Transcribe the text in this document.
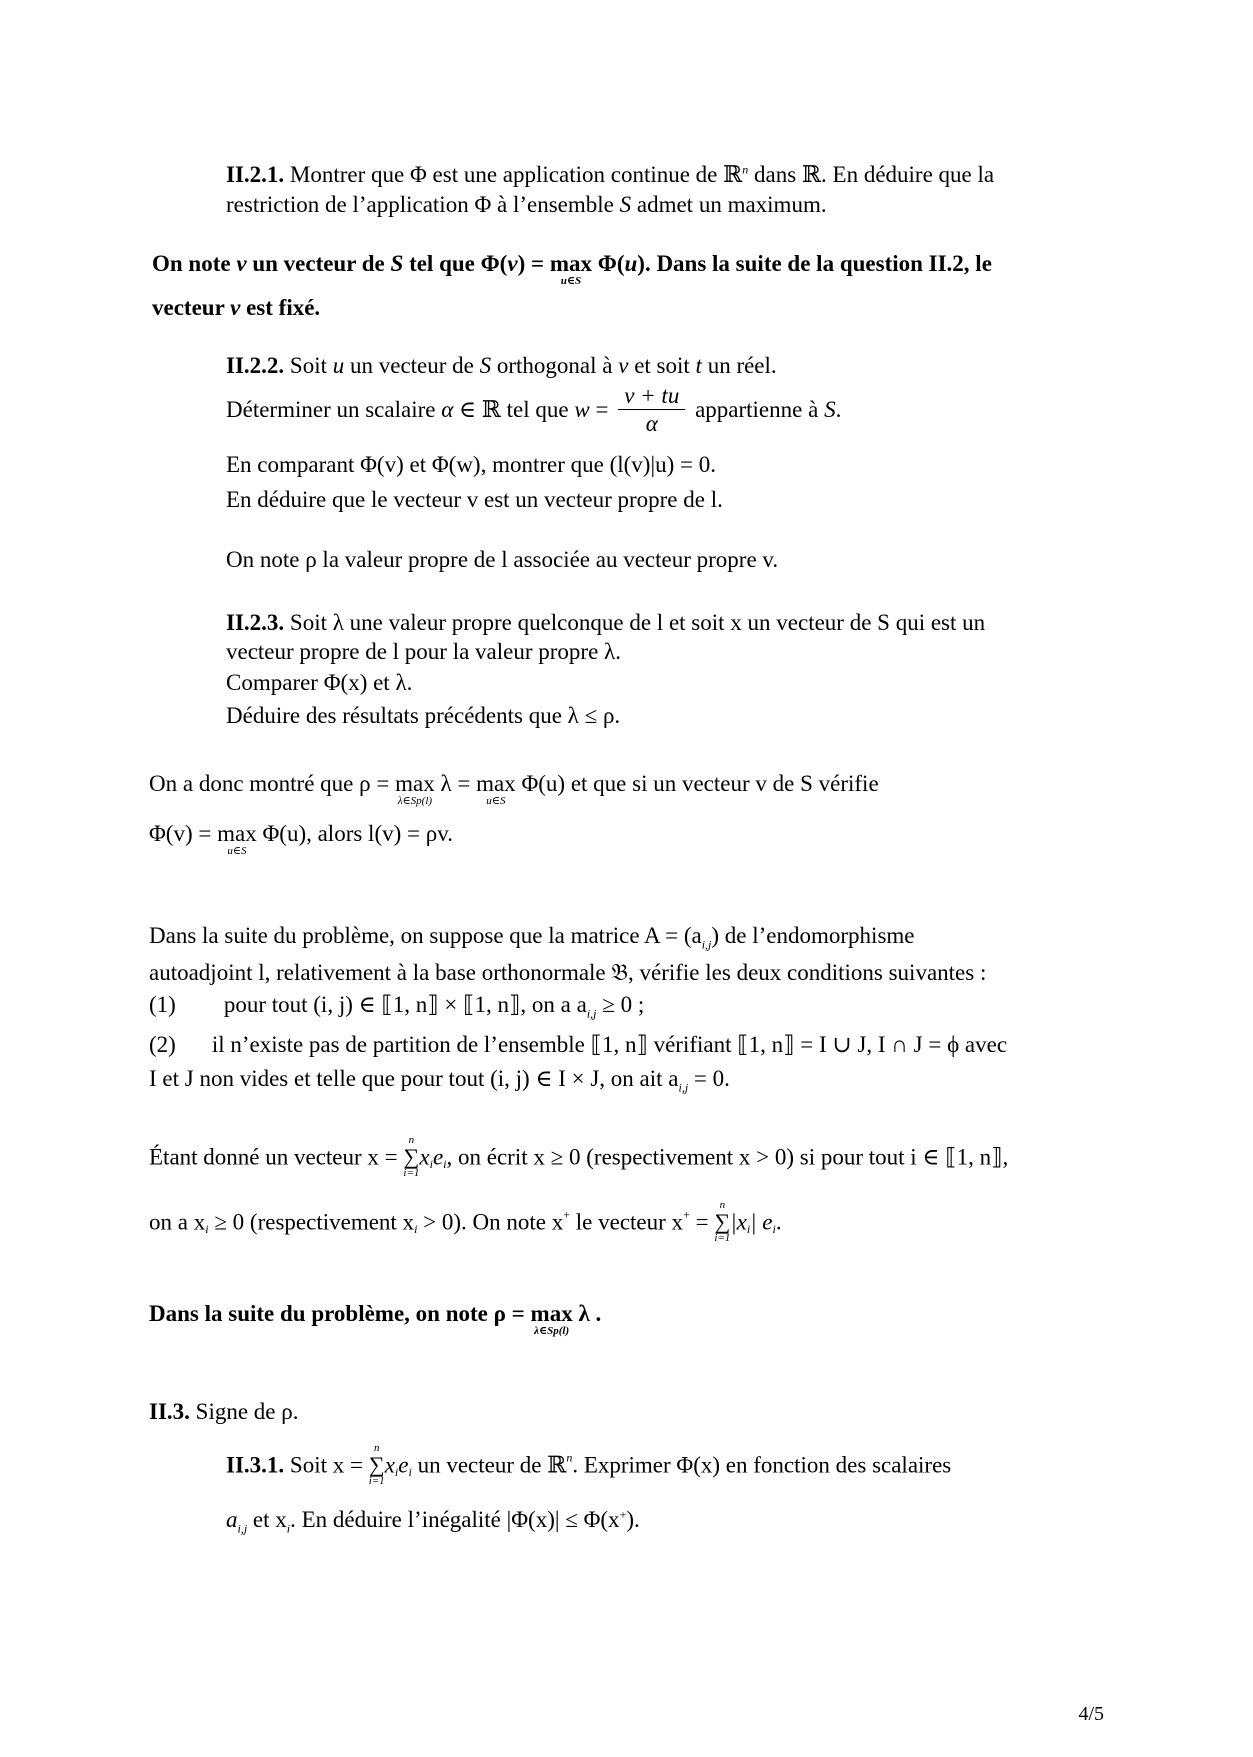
II.2.1. Montrer que Φ est une application continue de ℝ$^n$ dans ℝ. En déduire que la
restriction de l’application Φ à l’ensemble S admet un maximum.
On note v un vecteur de S tel que Φ(v) = max
u∈S
Φ(u). Dans la suite de la question II.2, le
vecteur v est fixé.
II.2.2. Soit u un vecteur de S orthogonal à v et soit t un réel.
Déterminer un scalaire α ∈ ℝ tel que $w = \frac{v + tu}{\alpha}$ appartienne à S.
En comparant Φ(v) et Φ(w), montrer que (l(v)|u) = 0.
En déduire que le vecteur v est un vecteur propre de l.
On note ρ la valeur propre de l associée au vecteur propre v.
II.2.3. Soit λ une valeur propre quelconque de l et soit x un vecteur de S qui est un
vecteur propre de l pour la valeur propre λ.
Comparer Φ(x) et λ.
Déduire des résultats précédents que λ ≤ ρ.
On a donc montré que ρ = max
λ∈Sp(l)
λ = max
u∈S
Φ(u) et que si un vecteur v de S vérifie
Φ(v) = max
u∈S
Φ(u), alors l(v) = ρv.
Dans la suite du problème, on suppose que la matrice $A = (a_{i,j})$ de l’endomorphisme
autoadjoint l, relativement à la base orthonormale 𝔅, vérifie les deux conditions suivantes :
(1) pour tout (i, j) ∈ ⟦1, n⟧ × ⟦1, n⟧, on a $a_{i,j} \ge 0$ ;
(2) il n’existe pas de partition de l’ensemble ⟦1, n⟧ vérifiant ⟦1, n⟧ = I ∪ J, I ∩ J = ϕ avec
I et J non vides et telle que pour tout (i, j) ∈ I × J, on ait $a_{i,j} = 0$.
Étant donné un vecteur x =
n
∑
i=1
$x_ie_i$, on écrit x ≥ 0 (respectivement x > 0) si pour tout i ∈ ⟦1, n⟧,
on a $x_i \ge 0$ (respectivement $x_i > 0$). On note x+ le vecteur x+ =
n
∑
i=1
$|x_i|$ $e_i$.
Dans la suite du problème, on note ρ = max
λ∈Sp(l)
λ .
II.3. Signe de ρ.
II.3.1. Soit x =
n
∑
i=1
$x_ie_i$ un vecteur de ℝ$^n$. Exprimer Φ(x) en fonction des scalaires
$a_{i,j}$ et $x_i$. En déduire l’inégalité |Φ(x)| ≤ Φ(x+).
4/5
